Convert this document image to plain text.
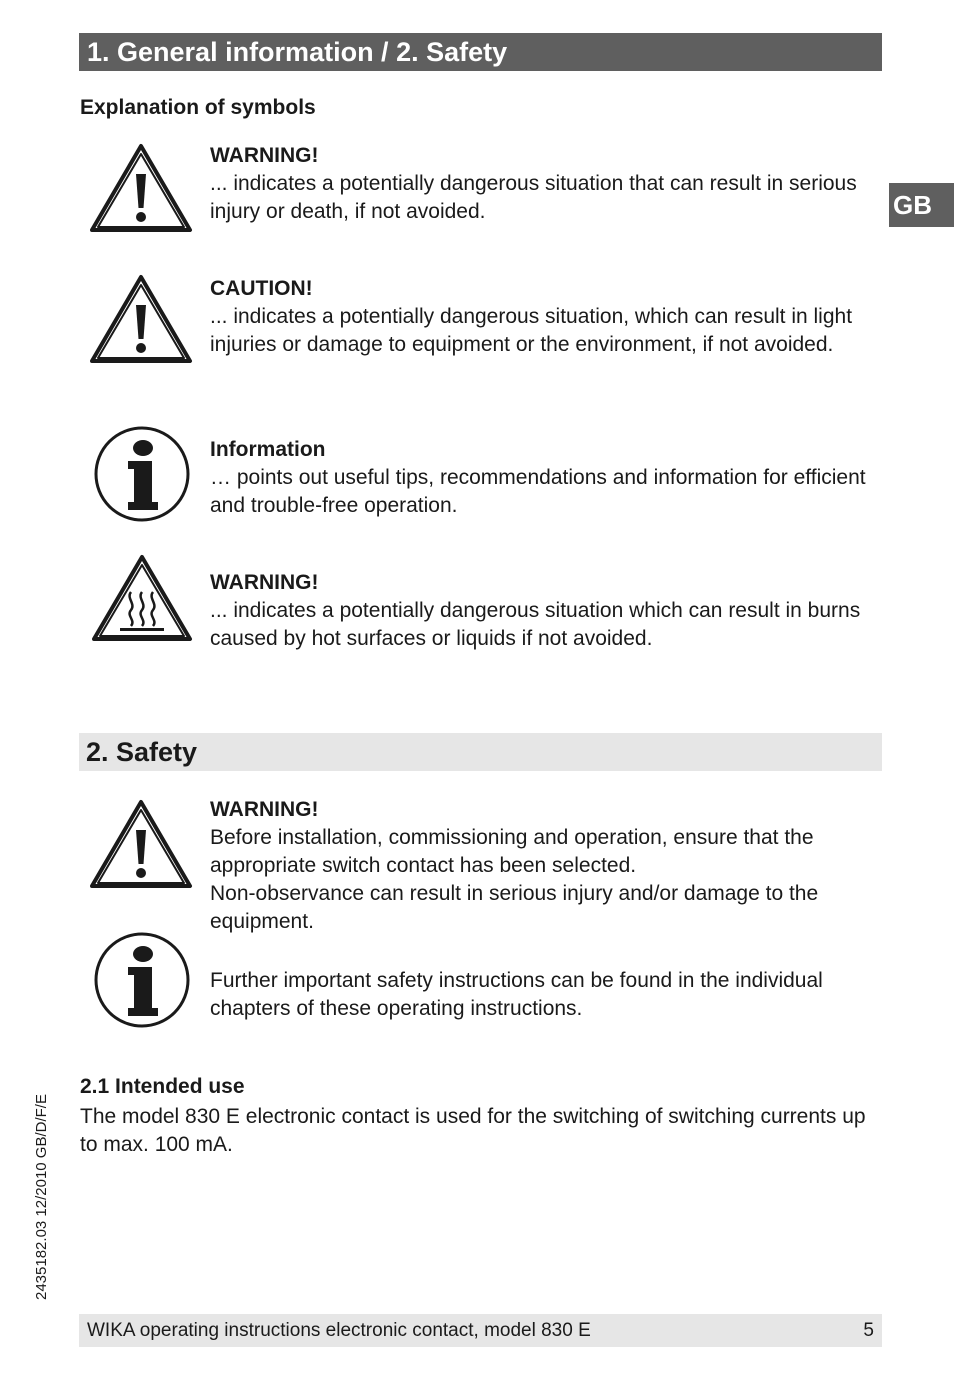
1. General information / 2. Safety
GB
Explanation of symbols
WARNING!
... indicates a potentially dangerous situation that can result in serious injury or death, if not avoided.
CAUTION!
... indicates a potentially dangerous situation, which can result in light injuries or damage to equipment or the environment, if not avoided.
Information
… points out useful tips, recommendations and information for efficient and trouble-free operation.
WARNING!
... indicates a potentially dangerous situation which can result in burns caused by hot surfaces or liquids if not avoided.
2. Safety
WARNING!
Before installation, commissioning and operation, ensure that the appropriate switch contact has been selected.
Non-observance can result in serious injury and/or damage to the equipment.
Further important safety instructions can be found in the individual chapters of these operating instructions.
2.1 Intended use
The model 830 E electronic contact is used for the switching of switching currents up to max. 100 mA.
2435182.03 12/2010 GB/D/F/E
WIKA operating instructions electronic contact, model 830 E	5
